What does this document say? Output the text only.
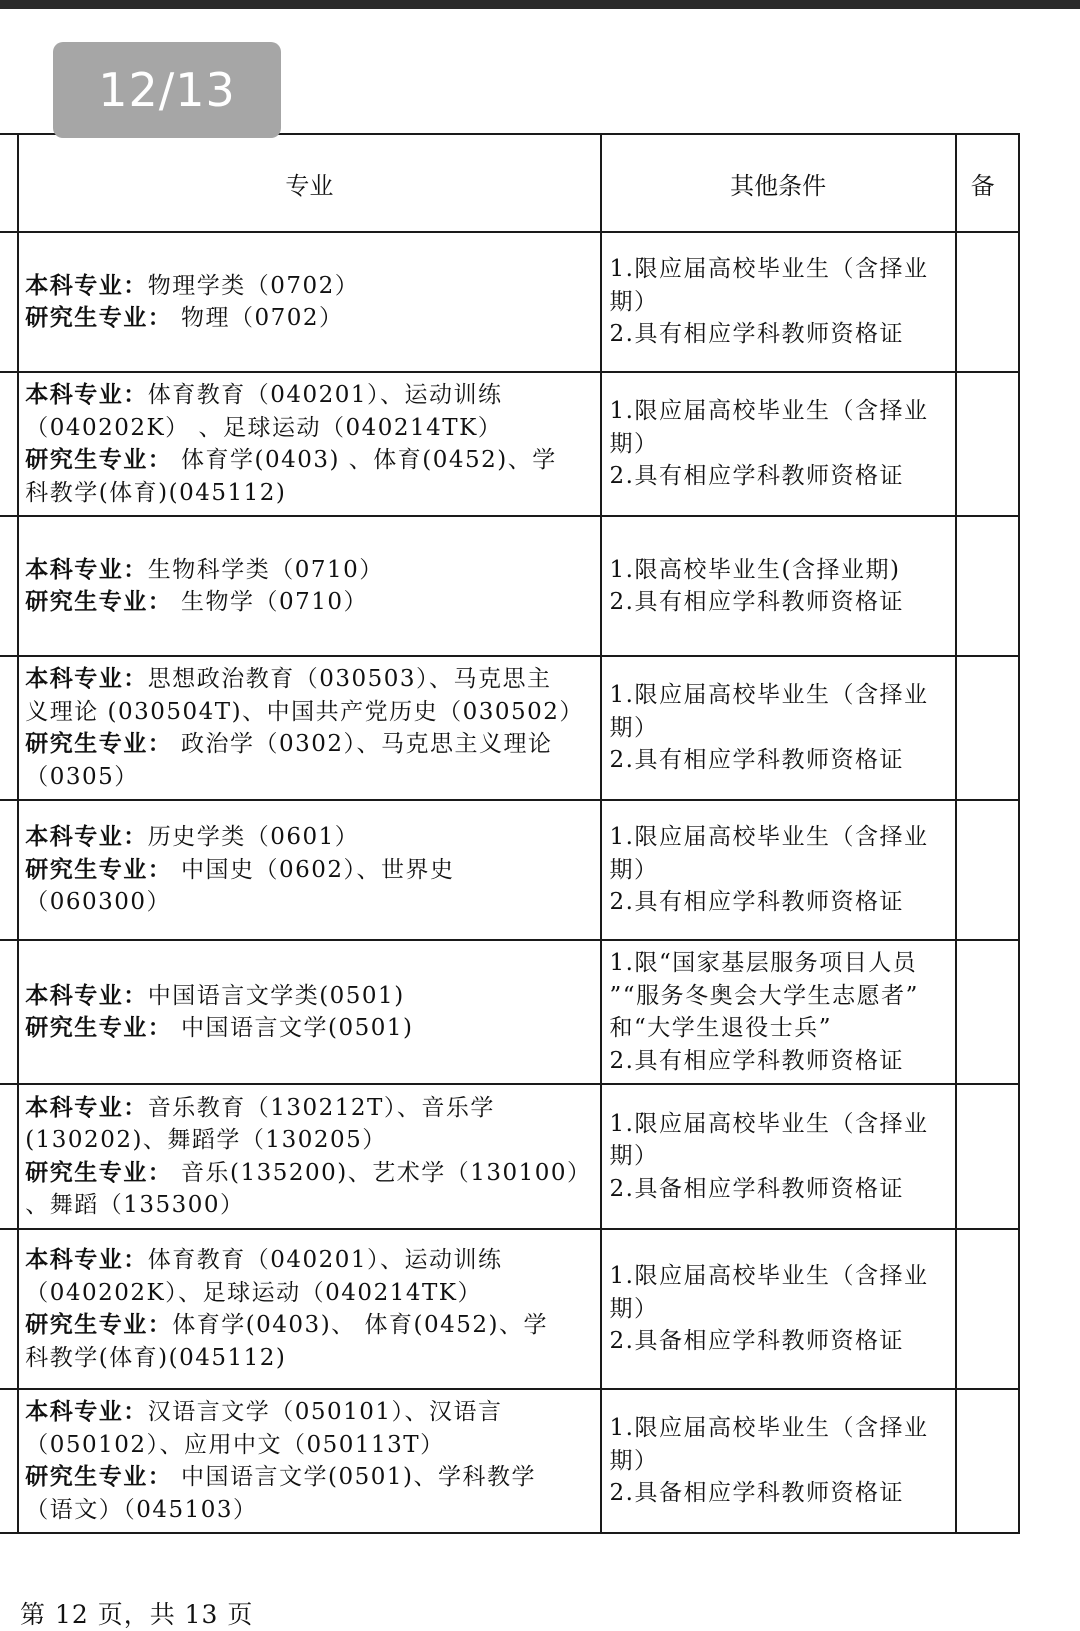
	专业	其他条件	备

本科专业：物理学类（0702）
研究生专业： 物理（0702）	1.限应届高校毕业生（含择业
期）
2.具有相应学科教师资格证	

本科专业：体育教育（040201）、运动训练
（040202K） 、足球运动（040214TK）
研究生专业： 体育学(0403) 、体育(0452)、学
科教学(体育)(045112)	1.限应届高校毕业生（含择业
期）
2.具有相应学科教师资格证	

本科专业：生物科学类（0710）
研究生专业： 生物学（0710）	1.限高校毕业生(含择业期)
2.具有相应学科教师资格证	

本科专业：思想政治教育（030503）、马克思主
义理论 (030504T)、中国共产党历史（030502）
研究生专业： 政治学（0302）、马克思主义理论
（0305）	1.限应届高校毕业生（含择业
期）
2.具有相应学科教师资格证	

本科专业：历史学类（0601）
研究生专业： 中国史（0602）、世界史
（060300）	1.限应届高校毕业生（含择业
期）
2.具有相应学科教师资格证	

本科专业：中国语言文学类(0501)
研究生专业： 中国语言文学(0501)	1.限“国家基层服务项目人员
”“服务冬奥会大学生志愿者”
和“大学生退役士兵”
2.具有相应学科教师资格证	

本科专业：音乐教育（130212T）、音乐学
(130202)、舞蹈学（130205）
研究生专业： 音乐(135200)、艺术学（130100）
、舞蹈（135300）	1.限应届高校毕业生（含择业
期）
2.具备相应学科教师资格证	

本科专业：体育教育（040201）、运动训练
（040202K）、足球运动（040214TK）
研究生专业：体育学(0403)、 体育(0452)、学
科教学(体育)(045112)	1.限应届高校毕业生（含择业
期）
2.具备相应学科教师资格证	

本科专业：汉语言文学（050101）、汉语言
（050102）、应用中文（050113T）
研究生专业： 中国语言文学(0501)、学科教学
（语文）（045103）	1.限应届高校毕业生（含择业
期）
2.具备相应学科教师资格证	

12/13
第 12 页，共 13 页
